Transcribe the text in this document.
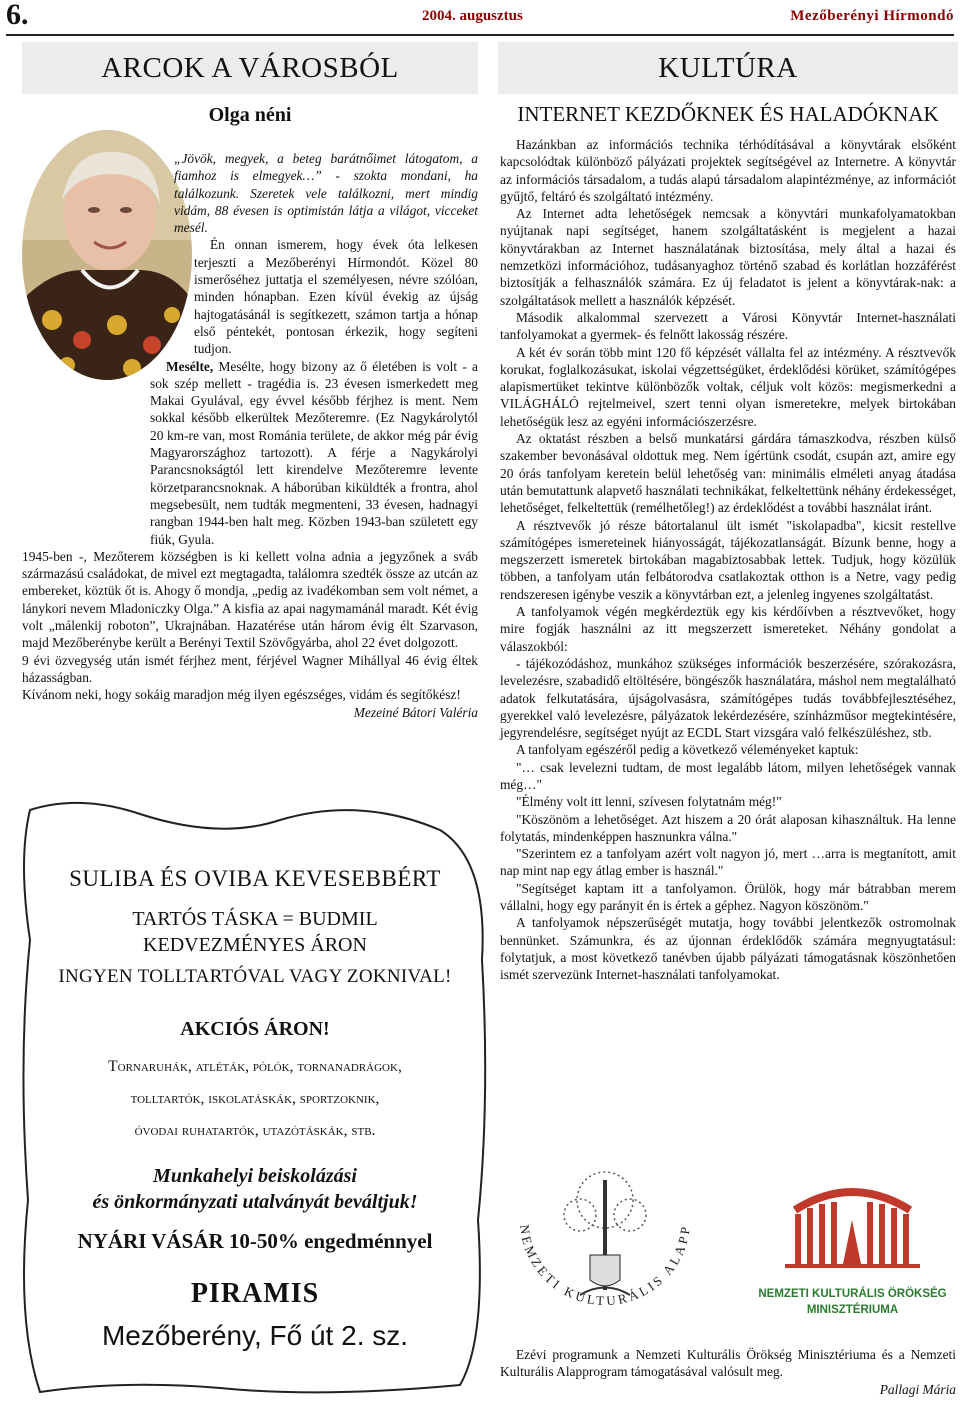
6.	2004. augusztus	Mezőberényi Hírmondó
ARCOK A VÁROSBÓL
Olga néni

„Jövök, megyek, a beteg barátnőimet látogatom, a fiamhoz is elmegyek…” - szokta mondani, ha találkozunk. Szeretek vele találkozni, mert mindig vidám, 88 évesen is optimistán látja a világot, vicceket mesél.

Én onnan ismerem, hogy évek óta lelkesen terjeszti a Mezőberényi Hírmondót. Közel 80 ismerőséhez juttatja el személyesen, névre szólóan, minden hónapban. Ezen kívül évekig az újság hajtogatásánál is segítkezett, számon tartja a hónap első péntekét, pontosan érkezik, hogy segíteni tudjon.

Mesélte, Mesélte, hogy bizony az ő életében is volt - a sok szép mellett - tragédia is. 23 évesen ismerkedett meg Makai Gyulával, egy évvel később férjhez is ment. Nem sokkal később elkerültek Mezőteremre. (Ez Nagykárolytól 20 km-re van, most Románia területe, de akkor még pár évig Magyarországhoz tartozott). A férje a Nagykárolyi Parancsnokságtól lett kirendelve Mezőteremre levente körzetparancsnoknak. A háborúban kiküldték a frontra, ahol megsebesült, nem tudták megmenteni, 33 évesen, hadnagyi rangban 1944-ben halt meg. Közben 1943-ban született egy fiúk, Gyula.

1945-ben -, Mezőterem községben is ki kellett volna adnia a jegyzőnek a sváb származású családokat, de mivel ezt megtagadta, találomra szedték össze az utcán az embereket, köztük őt is. Ahogy ő mondja, „pedig az ivadékomban sem volt német, a lánykori nevem Mladoniczky Olga.” A kisfia az apai nagymamánál maradt. Két évig volt „málenkij roboton”, Ukrajnában. Hazatérése után három évig élt Szarvason, majd Mezőberénybe került a Berényi Textil Szövőgyárba, ahol 22 évet dolgozott.

9 évi özvegység után ismét férjhez ment, férjével Wagner Mihállyal 46 évig éltek házasságban.

Kívánom neki, hogy sokáig maradjon még ilyen egészséges, vidám és segítőkész!
Mezeiné Bátori Valéria

SULIBA ÉS OVIBA KEVESEBBÉRT
TARTÓS TÁSKA = BUDMIL
KEDVEZMÉNYES ÁRON
INGYEN TOLLTARTÓVAL VAGY ZOKNIVAL!
AKCIÓS ÁRON!
Tornaruhák, atléták, pólók, tornanadrágok,
tolltartók, iskolatáskák, sportzoknik,
óvodai ruhatartók, utazótáskák, stb.
Munkahelyi beiskolázási
és önkormányzati utalványát beváltjuk!
NYÁRI VÁSÁR 10-50% engedménnyel
PIRAMIS
Mezőberény, Fő út 2. sz.
KULTÚRA
INTERNET KEZDŐKNEK ÉS HALADÓKNAK

Hazánkban az információs technika térhódításával a könyvtárak elsőként kapcsolódtak különböző pályázati projektek segítségével az Internetre. A könyvtár az információs társadalom, a tudás alapú társadalom alapintézménye, az információt gyűjtő, feltáró és szolgáltató intézmény.

Az Internet adta lehetőségek nemcsak a könyvtári munkafolyamatokban nyújtanak napi segítséget, hanem szolgáltatásként is megjelent a hazai könyvtárakban az Internet használatának biztosítása, mely által a hazai és nemzetközi információhoz, tudásanyaghoz történő szabad és korlátlan hozzáférést biztosítják a felhasználók számára. Ez új feladatot is jelent a könyvtárak-nak: a szolgáltatások mellett a használók képzését.

Második alkalommal szervezett a Városi Könyvtár Internet-használati tanfolyamokat a gyermek- és felnőtt lakosság részére.

A két év során több mint 120 fő képzését vállalta fel az intézmény. A résztvevők korukat, foglalkozásukat, iskolai végzettségüket, érdeklődési körüket, számítógépes alapismertüket tekintve különbözők voltak, céljuk volt közös: megismerkedni a VILÁGHÁLÓ rejtelmeivel, szert tenni olyan ismeretekre, melyek birtokában lehetőségük lesz az egyéni információszerzésre.

Az oktatást részben a belső munkatársi gárdára támaszkodva, részben külső szakember bevonásával oldottuk meg. Nem ígértünk csodát, csupán azt, amire egy 20 órás tanfolyam keretein belül lehetőség van: minimális elméleti anyag átadása után bemutattunk alapvető használati technikákat, felkeltettünk néhány érdekességet, lehetőséget, felkeltettük (remélhetőleg!) az érdeklődést a további használat iránt.

A résztvevők jó része bátortalanul ült ismét "iskolapadba", kicsit restellve számítógépes ismereteinek hiányosságát, tájékozatlanságát. Bízunk benne, hogy a megszerzett ismeretek birtokában magabiztosabbak lettek. Tudjuk, hogy közülük többen, a tanfolyam után felbátorodva csatlakoztak otthon is a Netre, vagy pedig rendszeresen igénybe veszik a könyvtárban ezt, a jelenleg ingyenes szolgáltatást.

A tanfolyamok végén megkérdeztük egy kis kérdőívben a résztvevőket, hogy mire fogják használni az itt megszerzett ismereteket. Néhány gondolat a válaszokból:

- tájékozódáshoz, munkához szükséges információk beszerzésére, szórakozásra, levelezésre, szabadidő eltöltésére, böngészők használatára, máshol nem megtalálható adatok felkutatására, újságolvasásra, számítógépes tudás továbbfejlesztéséhez, gyerekkel való levelezésre, pályázatok lekérdezésére, színházműsor megtekintésére, jegyrendelésre, segítséget nyújt az ECDL Start vizsgára való felkészüléshez, stb.

A tanfolyam egészéről pedig a következő véleményeket kaptuk:

"… csak levelezni tudtam, de most legalább látom, milyen lehetőségek vannak még…"

"Élmény volt itt lenni, szívesen folytatnám még!"

"Köszönöm a lehetőséget. Azt hiszem a 20 órát alaposan kihasználtuk. Ha lenne folytatás, mindenképpen hasznunkra válna."

"Szerintem ez a tanfolyam azért volt nagyon jó, mert …arra is megtanított, amit nap mint nap egy átlag ember is használ."

"Segítséget kaptam itt a tanfolyamon. Örülök, hogy már bátrabban merem vállalni, hogy egy parányit én is értek a géphez. Nagyon köszönöm."

A tanfolyamok népszerűségét mutatja, hogy további jelentkezők ostromolnak bennünket. Számunkra, és az újonnan érdeklődők számára megnyugtatásul: folytatjuk, a most következő tanévben újabb pályázati támogatásnak köszönhetően ismét szervezünk Internet-használati tanfolyamokat.

NEMZETI KULTURÁLIS ALAPP
NEMZETI KULTURÁLIS ÖRÖKSÉG
MINISZTÉRIUMA

Ezévi programunk a Nemzeti Kulturális Örökség Minisztériuma és a Nemzeti Kulturális Alapprogram támogatásával valósult meg.

Pallagi Mária
